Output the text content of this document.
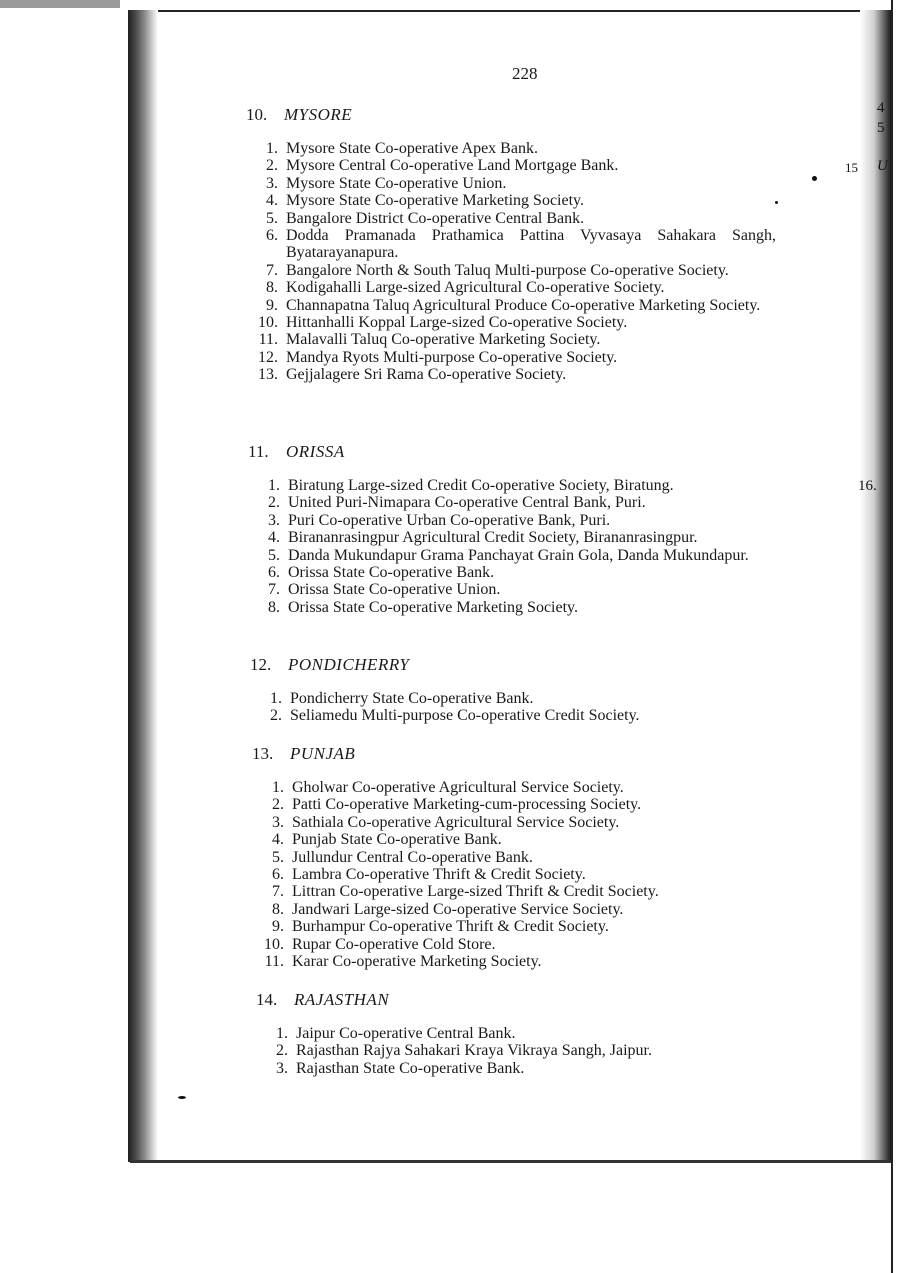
4
5
15 U
16.
228
10. MYSORE
1. Mysore State Co-operative Apex Bank.
2. Mysore Central Co-operative Land Mortgage Bank.
3. Mysore State Co-operative Union.
4. Mysore State Co-operative Marketing Society.
5. Bangalore District Co-operative Central Bank.
6. Dodda Pramanada Prathamica Pattina Vyvasaya Sahakara Sangh, Byatarayanapura.
7. Bangalore North & South Taluq Multi-purpose Co-operative Society.
8. Kodigahalli Large-sized Agricultural Co-operative Society.
9. Channapatna Taluq Agricultural Produce Co-operative Marketing Society.
10. Hittanhalli Koppal Large-sized Co-operative Society.
11. Malavalli Taluq Co-operative Marketing Society.
12. Mandya Ryots Multi-purpose Co-operative Society.
13. Gejjalagere Sri Rama Co-operative Society.
11. ORISSA
1. Biratung Large-sized Credit Co-operative Society, Biratung.
2. United Puri-Nimapara Co-operative Central Bank, Puri.
3. Puri Co-operative Urban Co-operative Bank, Puri.
4. Birananrasingpur Agricultural Credit Society, Birananrasingpur.
5. Danda Mukundapur Grama Panchayat Grain Gola, Danda Mukundapur.
6. Orissa State Co-operative Bank.
7. Orissa State Co-operative Union.
8. Orissa State Co-operative Marketing Society.
12. PONDICHERRY
1. Pondicherry State Co-operative Bank.
2. Seliamedu Multi-purpose Co-operative Credit Society.
13. PUNJAB
1. Gholwar Co-operative Agricultural Service Society.
2. Patti Co-operative Marketing-cum-processing Society.
3. Sathiala Co-operative Agricultural Service Society.
4. Punjab State Co-operative Bank.
5. Jullundur Central Co-operative Bank.
6. Lambra Co-operative Thrift & Credit Society.
7. Littran Co-operative Large-sized Thrift & Credit Society.
8. Jandwari Large-sized Co-operative Service Society.
9. Burhampur Co-operative Thrift & Credit Society.
10. Rupar Co-operative Cold Store.
11. Karar Co-operative Marketing Society.
14. RAJASTHAN
1. Jaipur Co-operative Central Bank.
2. Rajasthan Rajya Sahakari Kraya Vikraya Sangh, Jaipur.
3. Rajasthan State Co-operative Bank.
